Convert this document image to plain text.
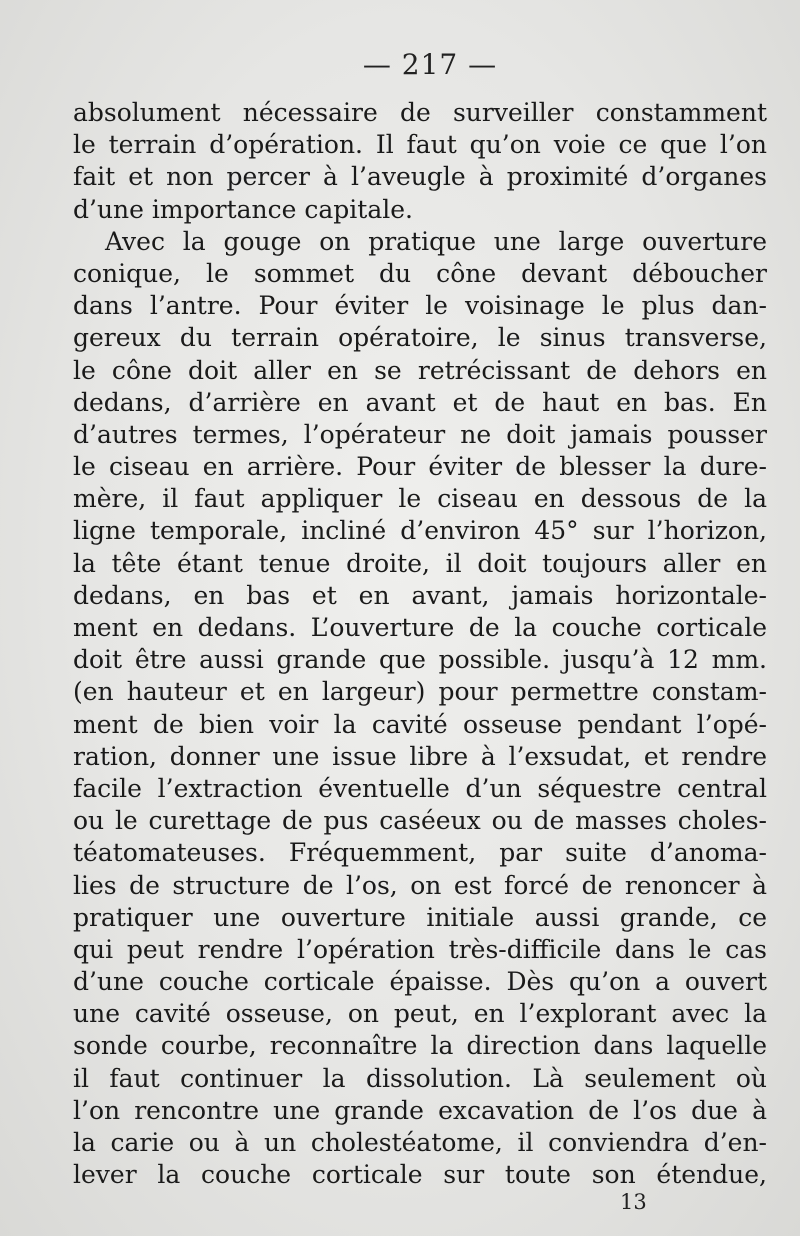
— 217 —
absolument nécessaire de surveiller constamment
le terrain d’opération. Il faut qu’on voie ce que l’on
fait et non percer à l’aveugle à proximité d’organes
d’une importance capitale.
Avec la gouge on pratique une large ouverture
conique, le sommet du cône devant déboucher
dans l’antre. Pour éviter le voisinage le plus dan-
gereux du terrain opératoire, le sinus transverse,
le cône doit aller en se retrécissant de dehors en
dedans, d’arrière en avant et de haut en bas. En
d’autres termes, l’opérateur ne doit jamais pousser
le ciseau en arrière. Pour éviter de blesser la dure-
mère, il faut appliquer le ciseau en dessous de la
ligne temporale, incliné d’environ 45° sur l’horizon,
la tête étant tenue droite, il doit toujours aller en
dedans, en bas et en avant, jamais horizontale-
ment en dedans. L’ouverture de la couche corticale
doit être aussi grande que possible. jusqu’à 12 mm.
(en hauteur et en largeur) pour permettre constam-
ment de bien voir la cavité osseuse pendant l’opé-
ration, donner une issue libre à l’exsudat, et rendre
facile l’extraction éventuelle d’un séquestre central
ou le curettage de pus caséeux ou de masses choles-
téatomateuses. Fréquemment, par suite d’anoma-
lies de structure de l’os, on est forcé de renoncer à
pratiquer une ouverture initiale aussi grande, ce
qui peut rendre l’opération très-difficile dans le cas
d’une couche corticale épaisse. Dès qu’on a ouvert
une cavité osseuse, on peut, en l’explorant avec la
sonde courbe, reconnaître la direction dans laquelle
il faut continuer la dissolution. Là seulement où
l’on rencontre une grande excavation de l’os due à
la carie ou à un cholestéatome, il conviendra d’en-
lever la couche corticale sur toute son étendue,
13
